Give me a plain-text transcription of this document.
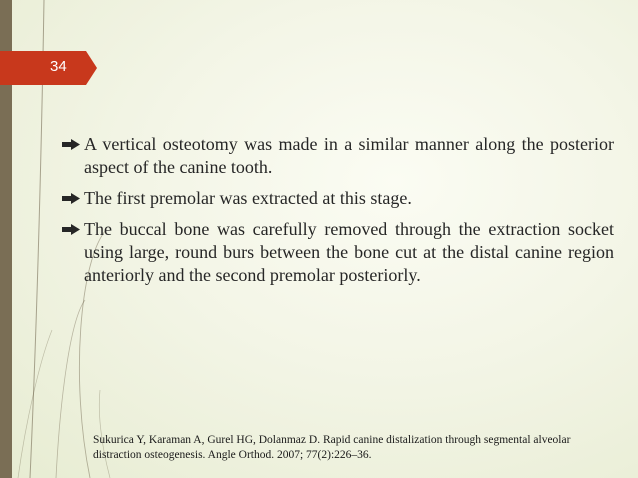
34
A vertical osteotomy was made in a similar manner along the posterior aspect of the canine tooth.
The first premolar was extracted at this stage.
The buccal bone was carefully removed through the extraction socket using large, round burs between the bone cut at the distal canine region anteriorly and the second premolar posteriorly.
Sukurica Y, Karaman A, Gurel HG, Dolanmaz D. Rapid canine distalization through segmental alveolar distraction osteogenesis. Angle Orthod. 2007; 77(2):226–36.
